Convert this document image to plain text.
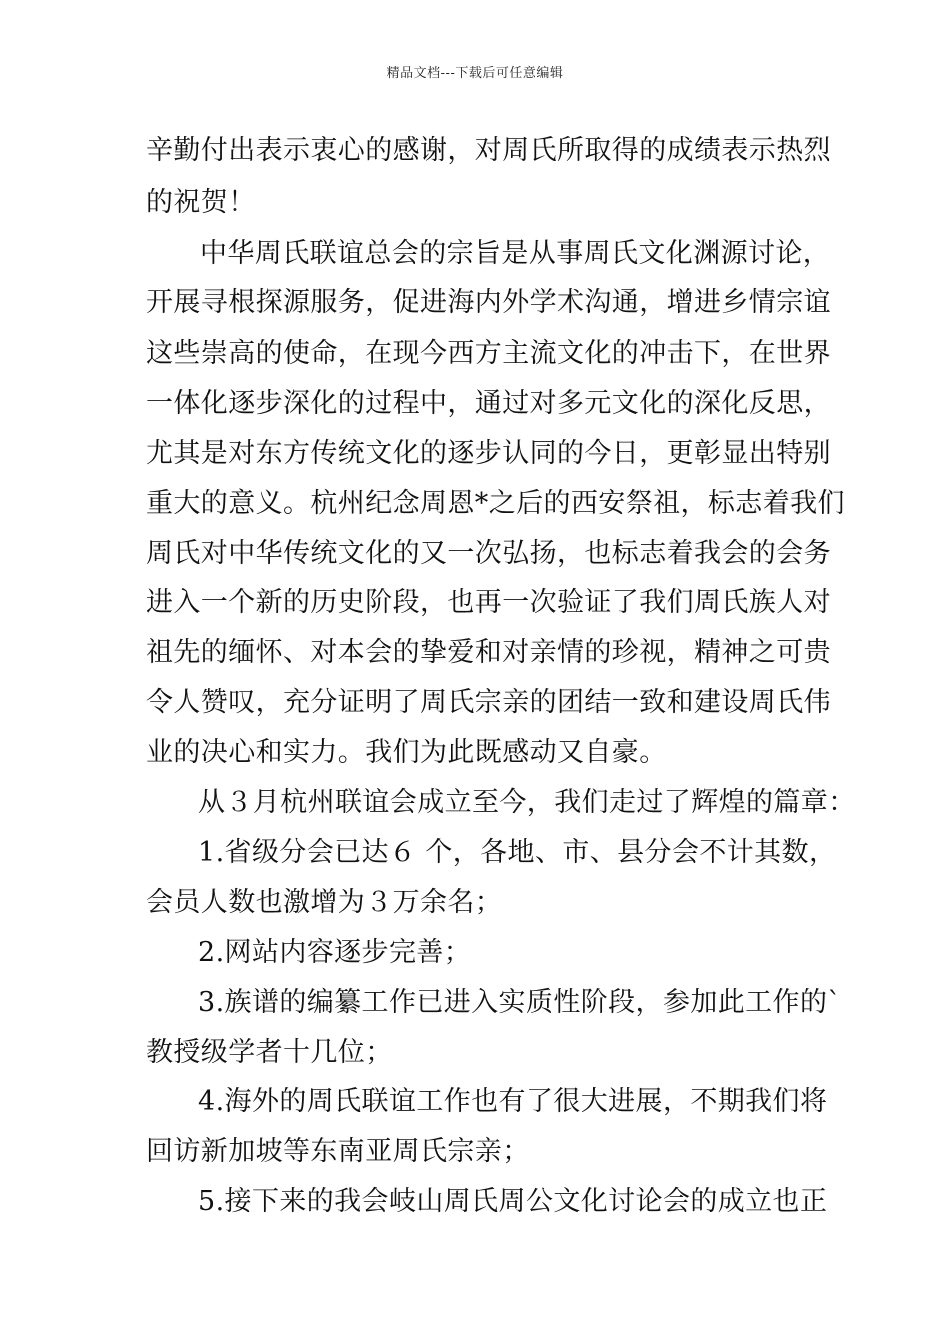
精品文档---下载后可任意编辑
辛勤付出表示衷心的感谢，对周氏所取得的成绩表示热烈
的祝贺！
中华周氏联谊总会的宗旨是从事周氏文化渊源讨论，
开展寻根探源服务，促进海内外学术沟通，增进乡情宗谊
这些崇高的使命，在现今西方主流文化的冲击下，在世界
一体化逐步深化的过程中，通过对多元文化的深化反思，
尤其是对东方传统文化的逐步认同的今日，更彰显出特别
重大的意义。杭州纪念周恩*之后的西安祭祖，标志着我们
周氏对中华传统文化的又一次弘扬，也标志着我会的会务
进入一个新的历史阶段，也再一次验证了我们周氏族人对
祖先的缅怀、对本会的挚爱和对亲情的珍视，精神之可贵
令人赞叹，充分证明了周氏宗亲的团结一致和建设周氏伟
业的决心和实力。我们为此既感动又自豪。
从３月杭州联谊会成立至今，我们走过了辉煌的篇章：
1.省级分会已达６ 个，各地、市、县分会不计其数，
会员人数也激增为３万余名；
2.网站内容逐步完善；
3.族谱的编纂工作已进入实质性阶段，参加此工作的`
教授级学者十几位；
4.海外的周氏联谊工作也有了很大进展，不期我们将
回访新加坡等东南亚周氏宗亲；
5.接下来的我会岐山周氏周公文化讨论会的成立也正
